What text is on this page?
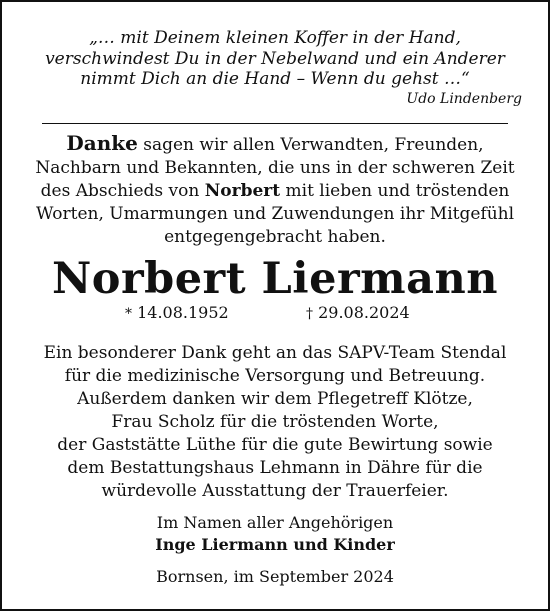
„… mit Deinem kleinen Koffer in der Hand,
verschwindest Du in der Nebelwand und ein Anderer
nimmt Dich an die Hand – Wenn du gehst …“
Udo Lindenberg
Danke sagen wir allen Verwandten, Freunden,
Nachbarn und Bekannten, die uns in der schweren Zeit
des Abschieds von Norbert mit lieben und tröstenden
Worten, Umarmungen und Zuwendungen ihr Mitgefühl
entgegengebracht haben.
Norbert Liermann
* 14.08.1952	† 29.08.2024
Ein besonderer Dank geht an das SAPV-Team Stendal
für die medizinische Versorgung und Betreuung.
Außerdem danken wir dem Pflegetreff Klötze,
Frau Scholz für die tröstenden Worte,
der Gaststätte Lüthe für die gute Bewirtung sowie
dem Bestattungshaus Lehmann in Dähre für die
würdevolle Ausstattung der Trauerfeier.
Im Namen aller Angehörigen
Inge Liermann und Kinder
Bornsen, im September 2024
